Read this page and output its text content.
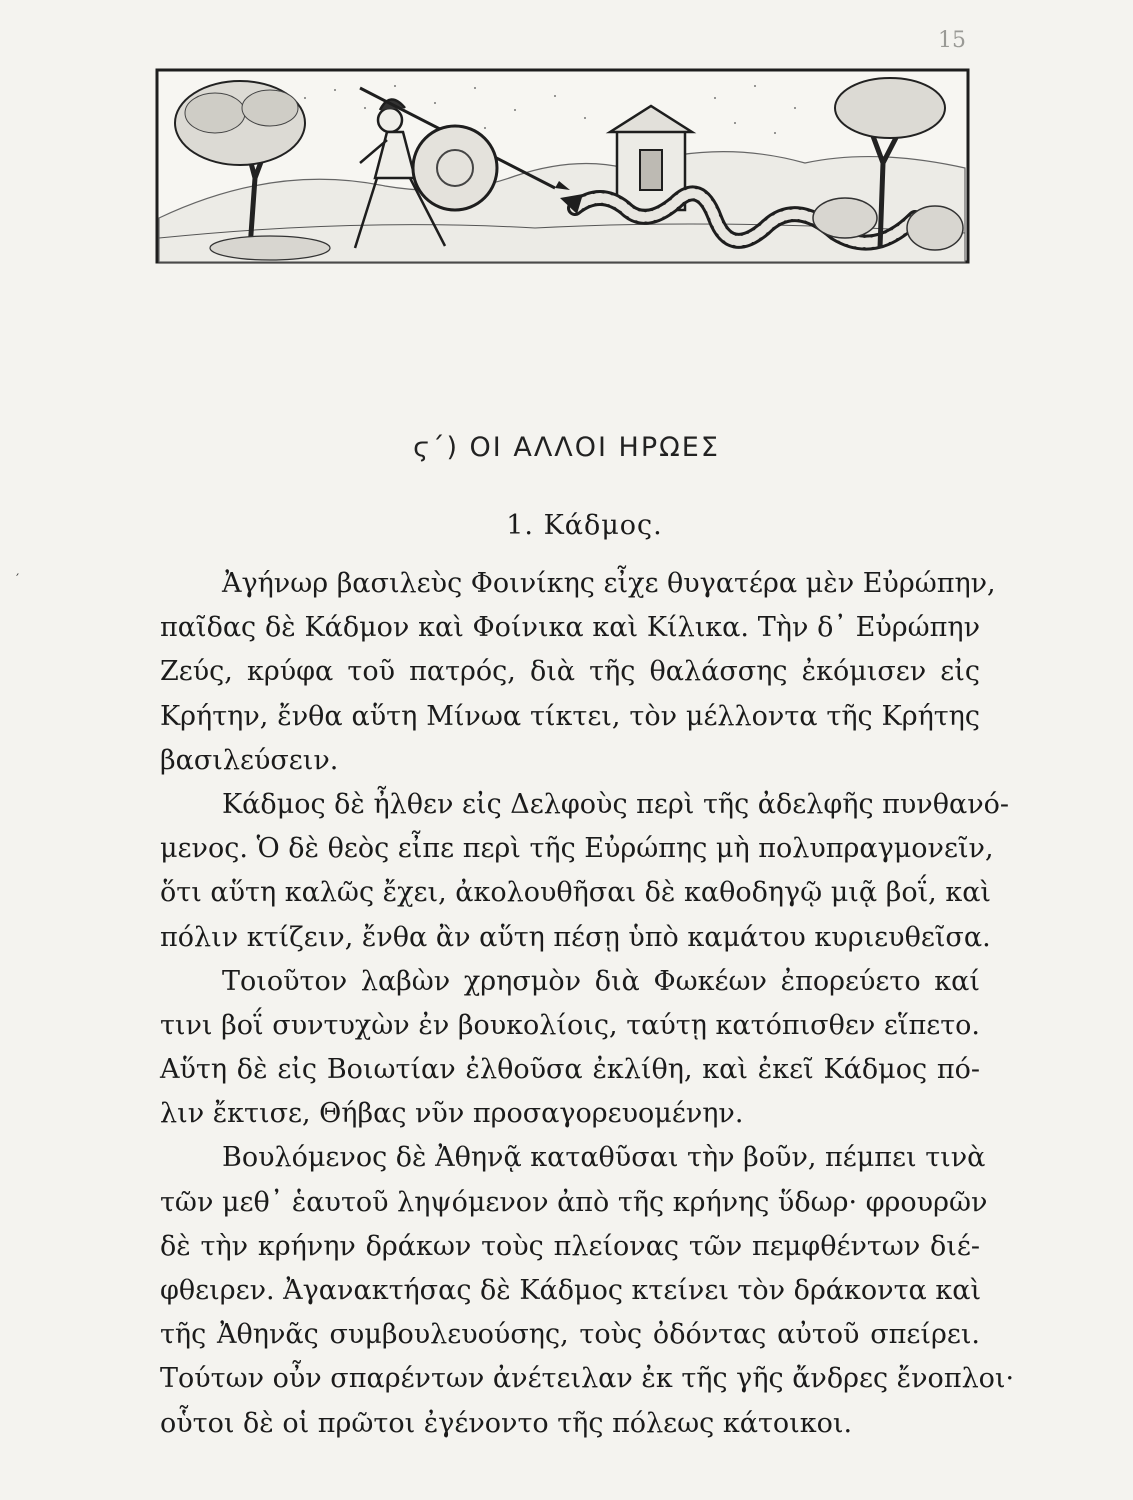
15
ϛ΄) ΟΙ ΑΛΛΟΙ ΗΡΩΕΣ
1. Κάδμος.
′	Ἀγήνωρ βασιλεὺς Φοινίκης εἶχε θυγατέρα μὲν Εὐρώπην,
παῖδας δὲ Κάδμον καὶ Φοίνικα καὶ Κίλικα. Τὴν δ᾽ Εὐρώπην
Ζεύς, κρύφα τοῦ πατρός, διὰ τῆς θαλάσσης ἐκόμισεν εἰς
Κρήτην, ἔνθα αὕτη Μίνωα τίκτει, τὸν μέλλοντα τῆς Κρήτης
βασιλεύσειν.
Κάδμος δὲ ἦλθεν εἰς Δελφοὺς περὶ τῆς ἀδελφῆς πυνθανό-
μενος. Ὁ δὲ θεὸς εἶπε περὶ τῆς Εὐρώπης μὴ πολυπραγμονεῖν,
ὅτι αὕτη καλῶς ἔχει, ἀκολουθῆσαι δὲ καθοδηγῷ μιᾷ βοΐ, καὶ
πόλιν κτίζειν, ἔνθα ἂν αὕτη πέσῃ ὑπὸ καμάτου κυριευθεῖσα.
Τοιοῦτον λαβὼν χρησμὸν διὰ Φωκέων ἐπορεύετο καί
τινι βοΐ συντυχὼν ἐν βουκολίοις, ταύτῃ κατόπισθεν εἵπετο.
Αὕτη δὲ εἰς Βοιωτίαν ἐλθοῦσα ἐκλίθη, καὶ ἐκεῖ Κάδμος πό-
λιν ἔκτισε, Θήβας νῦν προσαγορευομένην.
Βουλόμενος δὲ Ἀθηνᾷ καταθῦσαι τὴν βοῦν, πέμπει τινὰ
τῶν μεθ᾽ ἑαυτοῦ ληψόμενον ἀπὸ τῆς κρήνης ὕδωρ· φρουρῶν
δὲ τὴν κρήνην δράκων τοὺς πλείονας τῶν πεμφθέντων διέ-
φθειρεν. Ἀγανακτήσας δὲ Κάδμος κτείνει τὸν δράκοντα καὶ
τῆς Ἀθηνᾶς συμβουλευούσης, τοὺς ὀδόντας αὐτοῦ σπείρει.
Τούτων οὖν σπαρέντων ἀνέτειλαν ἐκ τῆς γῆς ἄνδρες ἔνοπλοι·
οὗτοι δὲ οἱ πρῶτοι ἐγένοντο τῆς πόλεως κάτοικοι.
